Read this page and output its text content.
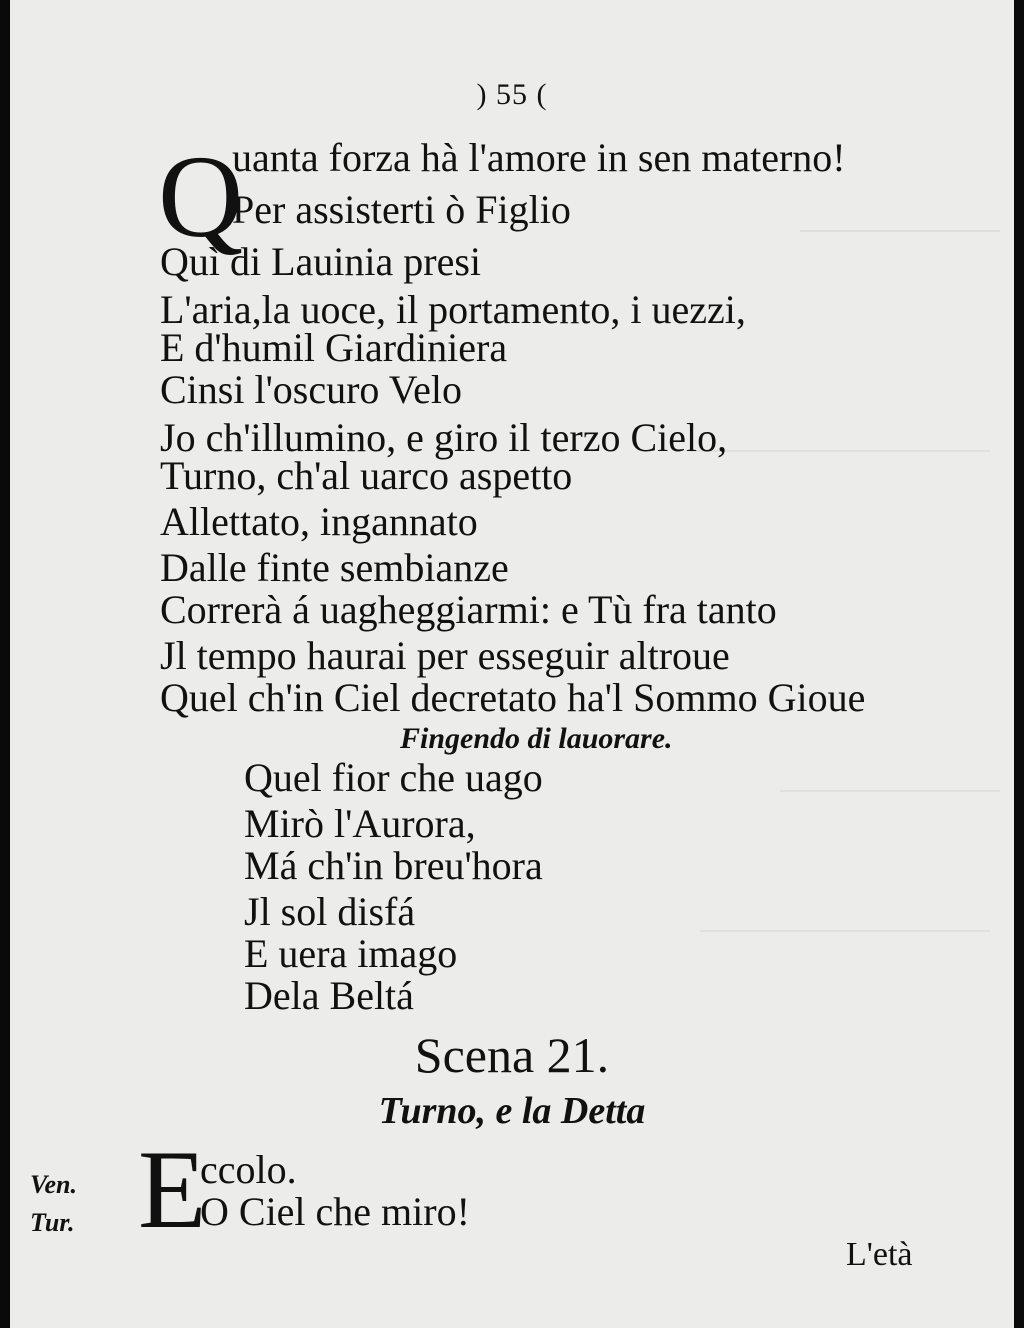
) 55 (
Q
uanta forza hà l'amore in sen materno!
Per assisterti ò Figlio
Quì di Lauinia presi
L'aria,la uoce, il portamento, i uezzi,
E d'humil Giardiniera
Cinsi l'oscuro Velo
Jo ch'illumino, e giro il terzo Cielo,
Turno, ch'al uarco aspetto
Allettato, ingannato
Dalle finte sembianze
Correrà á uagheggiarmi: e Tù fra tanto
Jl tempo haurai per esseguir altroue
Quel ch'in Ciel decretato ha'l Sommo Gioue
Fingendo di lauorare.
Quel fior che uago
Mirò l'Aurora,
Má ch'in breu'hora
Jl sol disfá
E uera imago
Dela Beltá
Scena 21.
Turno, e la Detta
Ven.
Tur. E
ccolo.
O Ciel che miro!
L'età
